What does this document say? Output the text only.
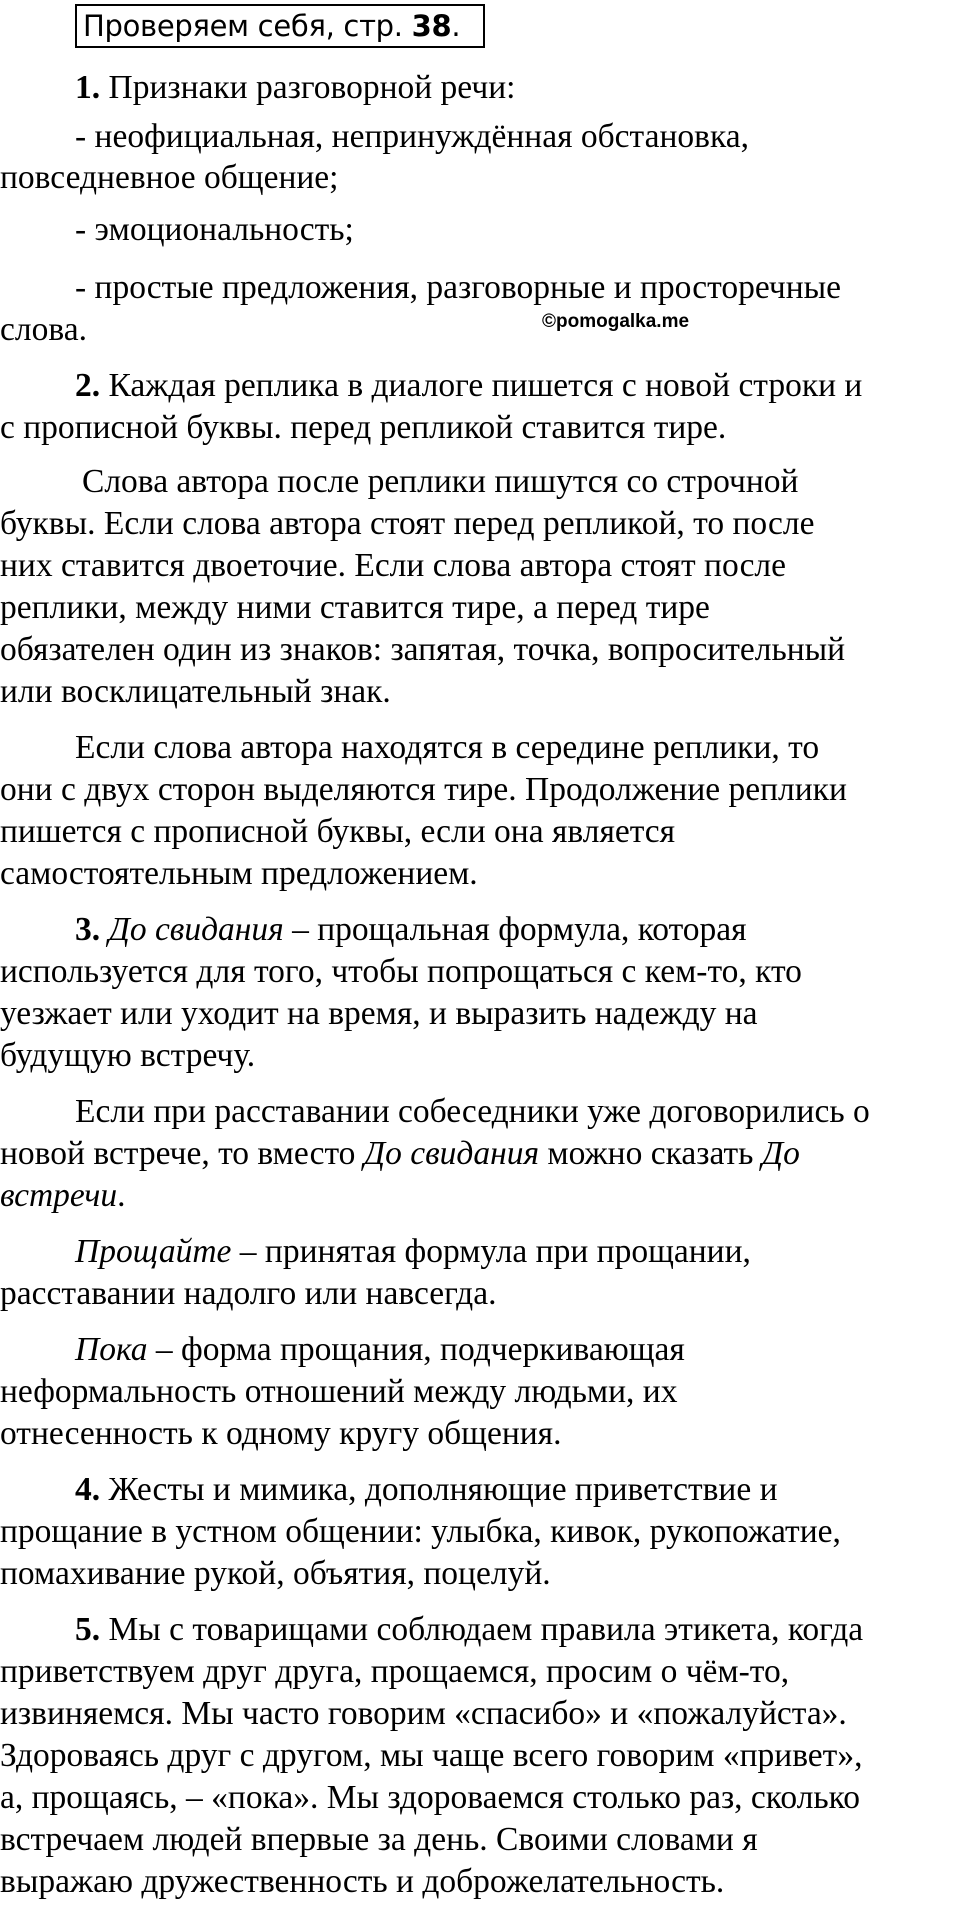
Проверяем себя, стр. 38.
1. Признаки разговорной речи:
- неофициальная, непринуждённая обстановка,
повседневное общение;
- эмоциональность;
- простые предложения, разговорные и просторечные
слова.	©pomogalka.me
2. Каждая реплика в диалоге пишется с новой строки и
с прописной буквы. перед репликой ставится тире.
Слова автора после реплики пишутся со строчной
буквы. Если слова автора стоят перед репликой, то после
них ставится двоеточие. Если слова автора стоят после
реплики, между ними ставится тире, а перед тире
обязателен один из знаков: запятая, точка, вопросительный
или восклицательный знак.
Если слова автора находятся в середине реплики, то
они с двух сторон выделяются тире. Продолжение реплики
пишется с прописной буквы, если она является
самостоятельным предложением.
3. До свидания – прощальная формула, которая
используется для того, чтобы попрощаться с кем-то, кто
уезжает или уходит на время, и выразить надежду на
будущую встречу.
Если при расставании собеседники уже договорились о
новой встрече, то вместо До свидания можно сказать До
встречи.
Прощайте – принятая формула при прощании,
расставании надолго или навсегда.
Пока – форма прощания, подчеркивающая
неформальность отношений между людьми, их
отнесенность к одному кругу общения.
4. Жесты и мимика, дополняющие приветствие и
прощание в устном общении: улыбка, кивок, рукопожатие,
помахивание рукой, объятия, поцелуй.
5. Мы с товарищами соблюдаем правила этикета, когда
приветствуем друг друга, прощаемся, просим о чём-то,
извиняемся. Мы часто говорим «спасибо» и «пожалуйста».
Здороваясь друг с другом, мы чаще всего говорим «привет»,
а, прощаясь, – «пока». Мы здороваемся столько раз, сколько
встречаем людей впервые за день. Своими словами я
выражаю дружественность и доброжелательность.
